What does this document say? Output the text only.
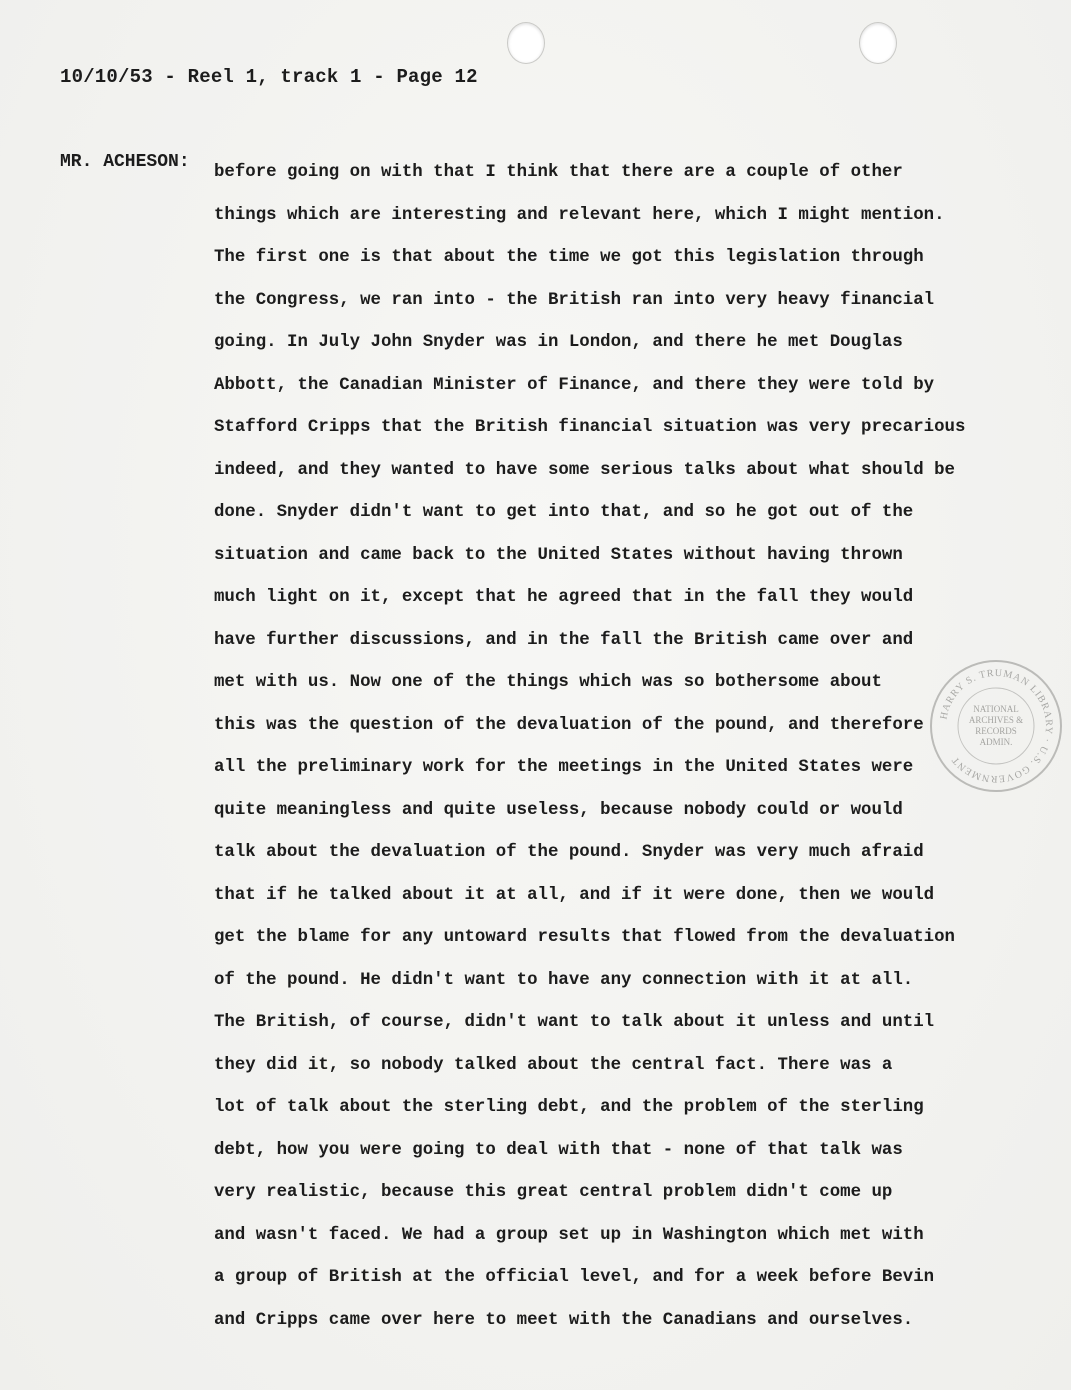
10/10/53 - Reel 1, track 1 - Page 12
MR. ACHESON:
before going on with that I think that there are a couple of other
things which are interesting and relevant here, which I might mention.
The first one is that about the time we got this legislation through
the Congress, we ran into - the British ran into very heavy financial
going. In July John Snyder was in London, and there he met Douglas
Abbott, the Canadian Minister of Finance, and there they were told by
Stafford Cripps that the British financial situation was very precarious
indeed, and they wanted to have some serious talks about what should be
done. Snyder didn't want to get into that, and so he got out of the
situation and came back to the United States without having thrown
much light on it, except that he agreed that in the fall they would
have further discussions, and in the fall the British came over and
met with us. Now one of the things which was so bothersome about
this was the question of the devaluation of the pound, and therefore
all the preliminary work for the meetings in the United States were
quite meaningless and quite useless, because nobody could or would
talk about the devaluation of the pound. Snyder was very much afraid
that if he talked about it at all, and if it were done, then we would
get the blame for any untoward results that flowed from the devaluation
of the pound. He didn't want to have any connection with it at all.
The British, of course, didn't want to talk about it unless and until
they did it, so nobody talked about the central fact. There was a
lot of talk about the sterling debt, and the problem of the sterling
debt, how you were going to deal with that - none of that talk was
very realistic, because this great central problem didn't come up
and wasn't faced. We had a group set up in Washington which met with
a group of British at the official level, and for a week before Bevin
and Cripps came over here to meet with the Canadians and ourselves.
HARRY S. TRUMAN LIBRARY · U.S. GOVERNMENT
NATIONAL
ARCHIVES &
RECORDS
ADMIN.
